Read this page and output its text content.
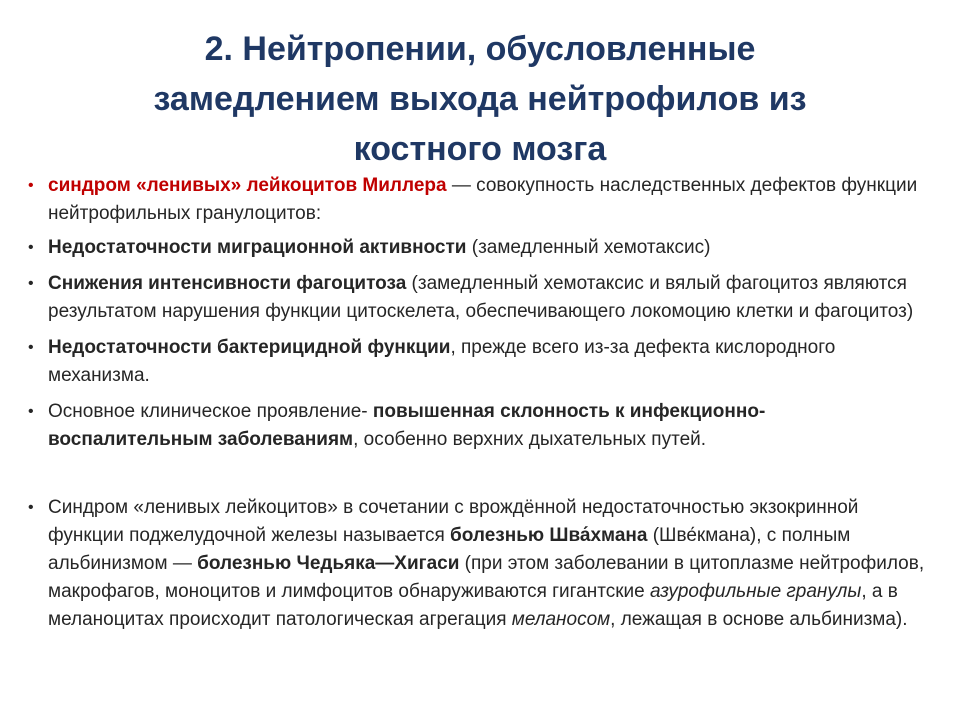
2. Нейтропении, обусловленные
замедлением выхода нейтрофилов из
костного мозга
• синдром «ленивых» лейкоцитов Миллера — совокупность наследственных дефектов функции нейтрофильных гранулоцитов:
• Недостаточности миграционной активности (замедленный хемотаксис)
• Снижения интенсивности фагоцитоза (замедленный хемотаксис и вялый фагоцитоз являются результатом нарушения функции цитоскелета, обеспечивающего локомоцию клетки и фагоцитоз)
• Недостаточности бактерицидной функции, прежде всего из-за дефекта кислородного механизма.
• Основное клиническое проявление- повышенная склонность к инфекционно-воспалительным заболеваниям, особенно верхних дыхательных путей.
• Синдром «ленивых лейкоцитов» в сочетании с врождённой недостаточностью экзокринной функции поджелудочной железы называется болезнью Шва́хмана (Шве́кмана), с полным альбинизмом — болезнью Чедьяка—Хигаси (при этом заболевании в цитоплазме нейтрофилов, макрофагов, моноцитов и лимфоцитов обнаруживаются гигантские азурофильные гранулы, а в меланоцитах происходит патологическая агрегация меланосом, лежащая в основе альбинизма).
